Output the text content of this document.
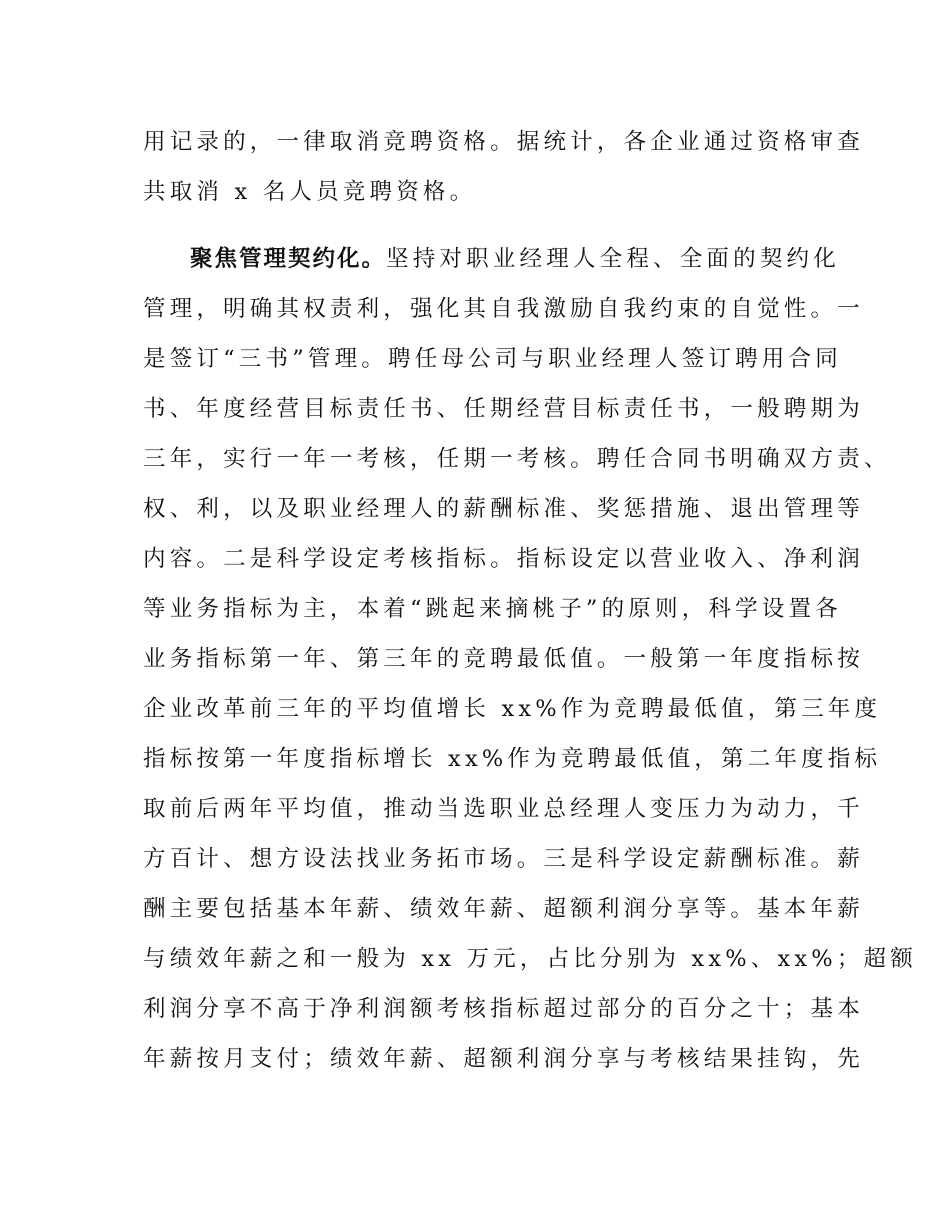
用记录的，一律取消竞聘资格。据统计，各企业通过资格审查
共取消 x 名人员竞聘资格。
聚焦管理契约化。坚持对职业经理人全程、全面的契约化
管理，明确其权责利，强化其自我激励自我约束的自觉性。一
是签订“三书”管理。聘任母公司与职业经理人签订聘用合同
书、年度经营目标责任书、任期经营目标责任书，一般聘期为
三年，实行一年一考核，任期一考核。聘任合同书明确双方责、
权、利，以及职业经理人的薪酬标准、奖惩措施、退出管理等
内容。二是科学设定考核指标。指标设定以营业收入、净利润
等业务指标为主，本着“跳起来摘桃子”的原则，科学设置各
业务指标第一年、第三年的竞聘最低值。一般第一年度指标按
企业改革前三年的平均值增长 xx%作为竞聘最低值，第三年度
指标按第一年度指标增长 xx%作为竞聘最低值，第二年度指标
取前后两年平均值，推动当选职业总经理人变压力为动力，千
方百计、想方设法找业务拓市场。三是科学设定薪酬标准。薪
酬主要包括基本年薪、绩效年薪、超额利润分享等。基本年薪
与绩效年薪之和一般为 xx 万元，占比分别为 xx%、xx%；超额
利润分享不高于净利润额考核指标超过部分的百分之十；基本
年薪按月支付；绩效年薪、超额利润分享与考核结果挂钩，先
